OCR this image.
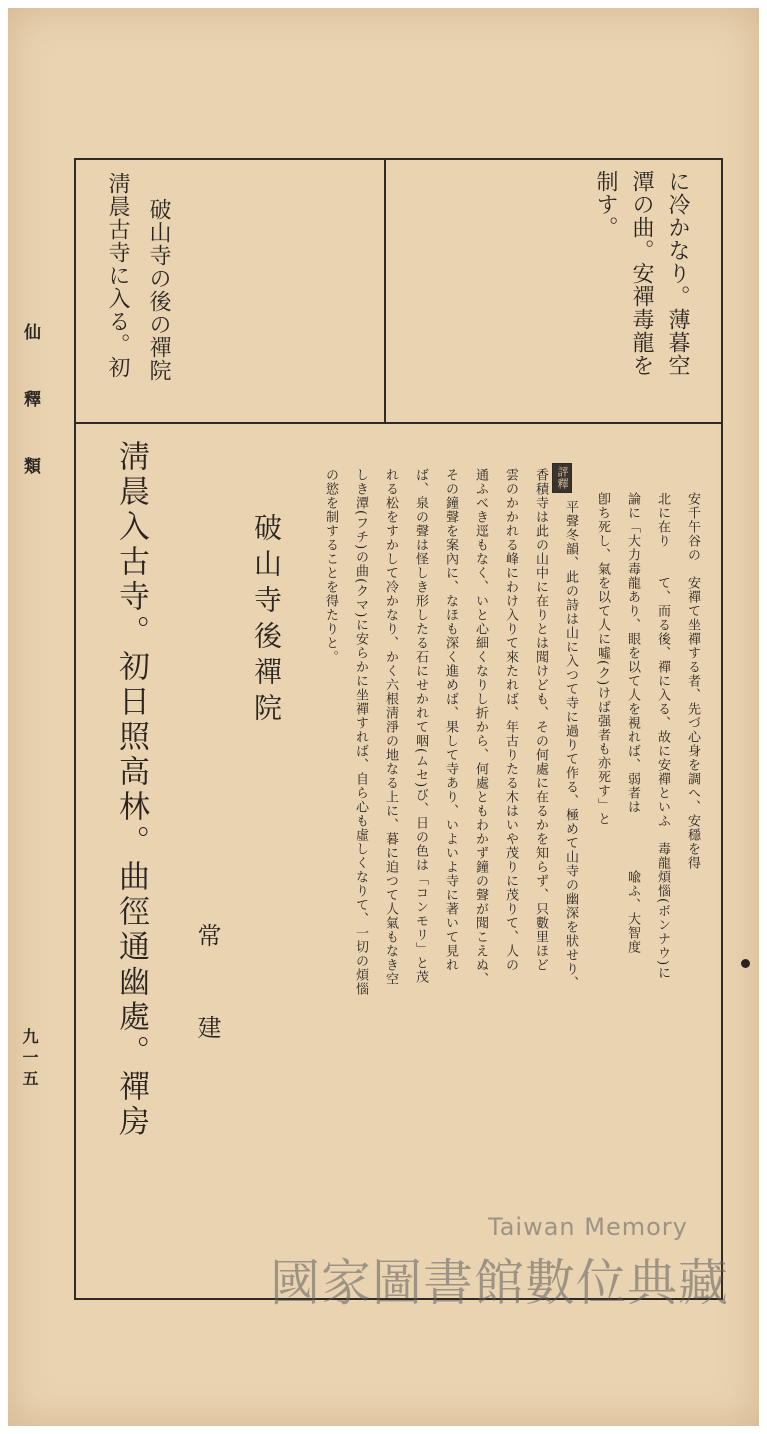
仙 釋 類
九一五
に冷かなり。薄暮空
潭の曲。安禪毒龍を
制す。
破山寺の後の禪院
淸晨古寺に入る。初
安千午谷の　安禪て坐禪する者、先づ心身を調へ、安穩を得
北に在り　　て、而る後、禪に入る、故に安禪といふ　毒龍煩惱(ボンナウ)に
論に「大力毒龍あり、眼を以て人を視れば、弱者は　　　　喩ふ、大智度
卽ち死し、氣を以て人に噓(ク)けば强者も亦死す」と
評釋
平聲冬韻、此の詩は山に入つて寺に過りて作る、極めて山寺の幽深を狀せり、
香積寺は此の山中に在りとは聞けども、その何處に在るかを知らず、只數里ほど
雲のかかれる峰にわけ入りて來たれば、年古りたる木はいや茂りに茂りて、人の
通ふべき逕もなく、いと心細くなりし折から、何處ともわかず鐘の聲が聞こえぬ、
その鐘聲を案內に、なほも深く進めば、果して寺あり、いよいよ寺に著いて見れ
ば、泉の聲は怪しき形したる石にせかれて咽(ムセ)び、日の色は「コンモリ」と茂
れる松をすかして冷かなり、かく六根淸淨の地なる上に、暮に迫つて人氣もなき空
しき潭(フチ)の曲(クマ)に安らかに坐禪すれば、自ら心も虛しくなりて、一切の煩惱
の慾を制することを得たりと。
破山寺後禪院
常　建
淸晨入古寺。初日照高林。曲徑通幽處。禪房
國家圖書館數位典藏
Taiwan Memory
